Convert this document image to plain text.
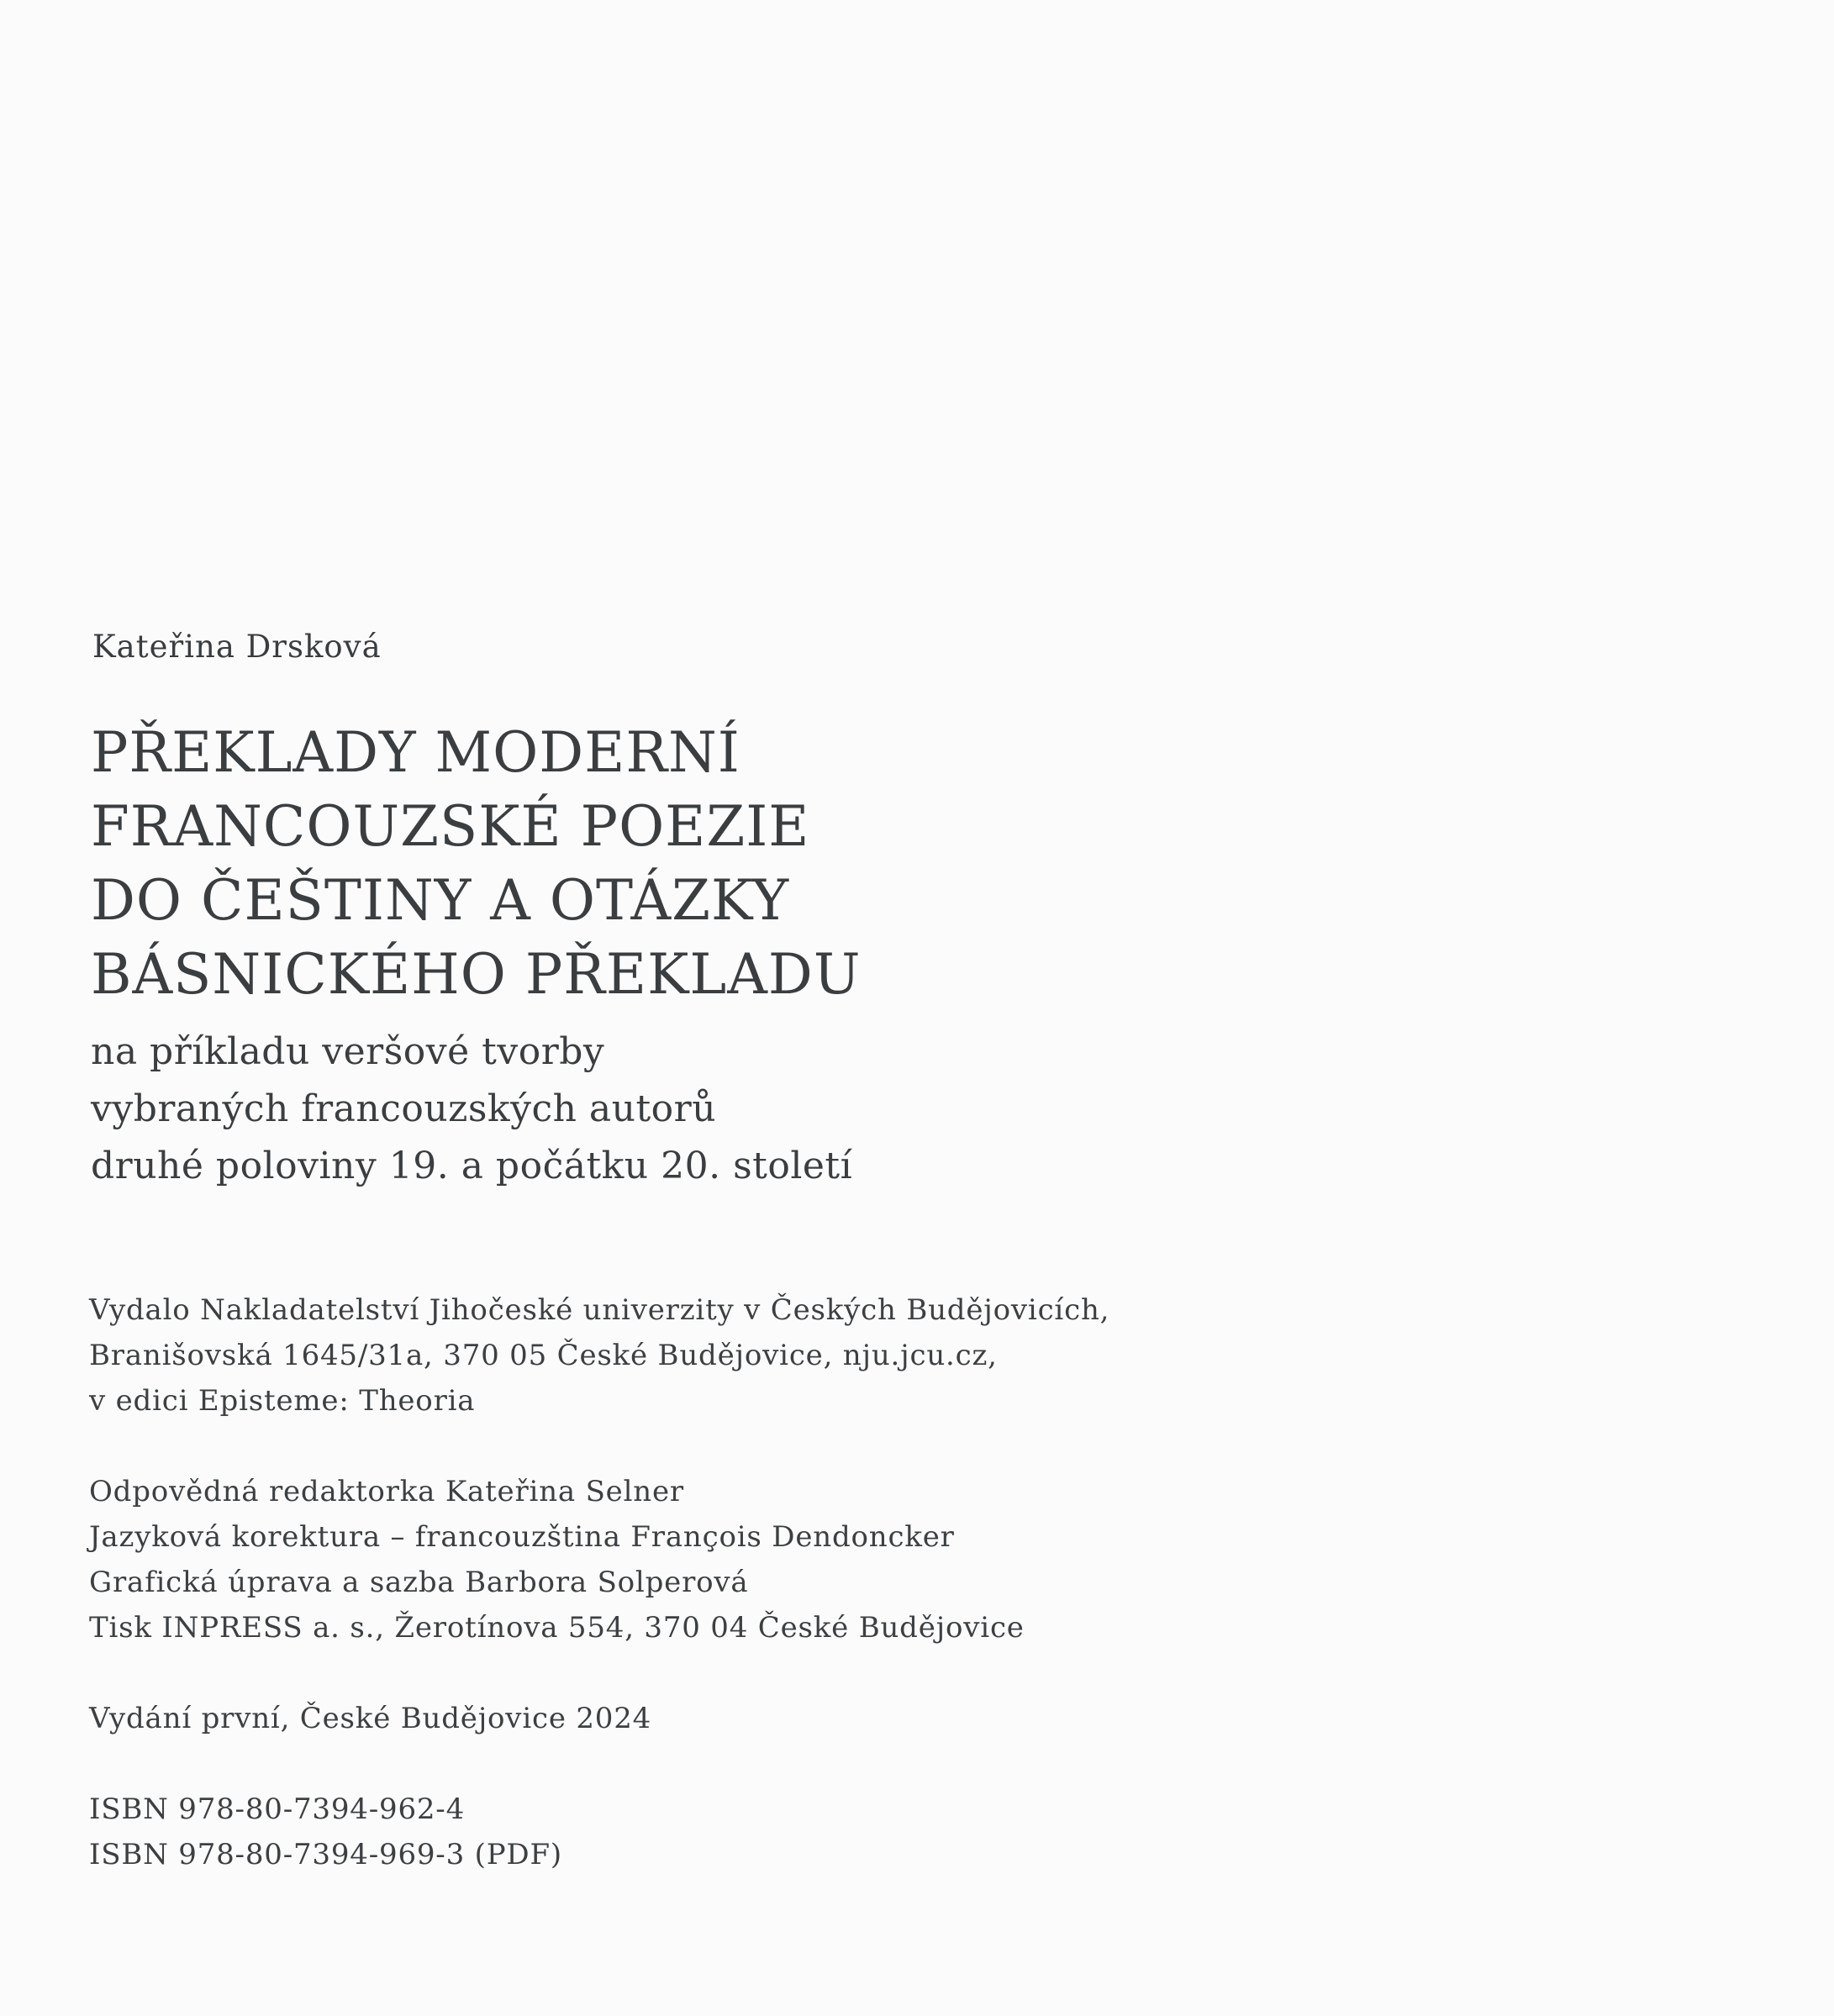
Kateřina Drsková
PŘEKLADY MODERNÍ
FRANCOUZSKÉ POEZIE
DO ČEŠTINY A OTÁZKY
BÁSNICKÉHO PŘEKLADU
na příkladu veršové tvorby
vybraných francouzských autorů
druhé poloviny 19. a počátku 20. století
Vydalo Nakladatelství Jihočeské univerzity v Českých Budějovicích,
Branišovská 1645/31a, 370 05 České Budějovice, nju.jcu.cz,
v edici Episteme: Theoria
Odpovědná redaktorka Kateřina Selner
Jazyková korektura – francouzština François Dendoncker
Grafická úprava a sazba Barbora Solperová
Tisk INPRESS a. s., Žerotínova 554, 370 04 České Budějovice
Vydání první, České Budějovice 2024
ISBN 978-80-7394-962-4
ISBN 978-80-7394-969-3 (PDF)
